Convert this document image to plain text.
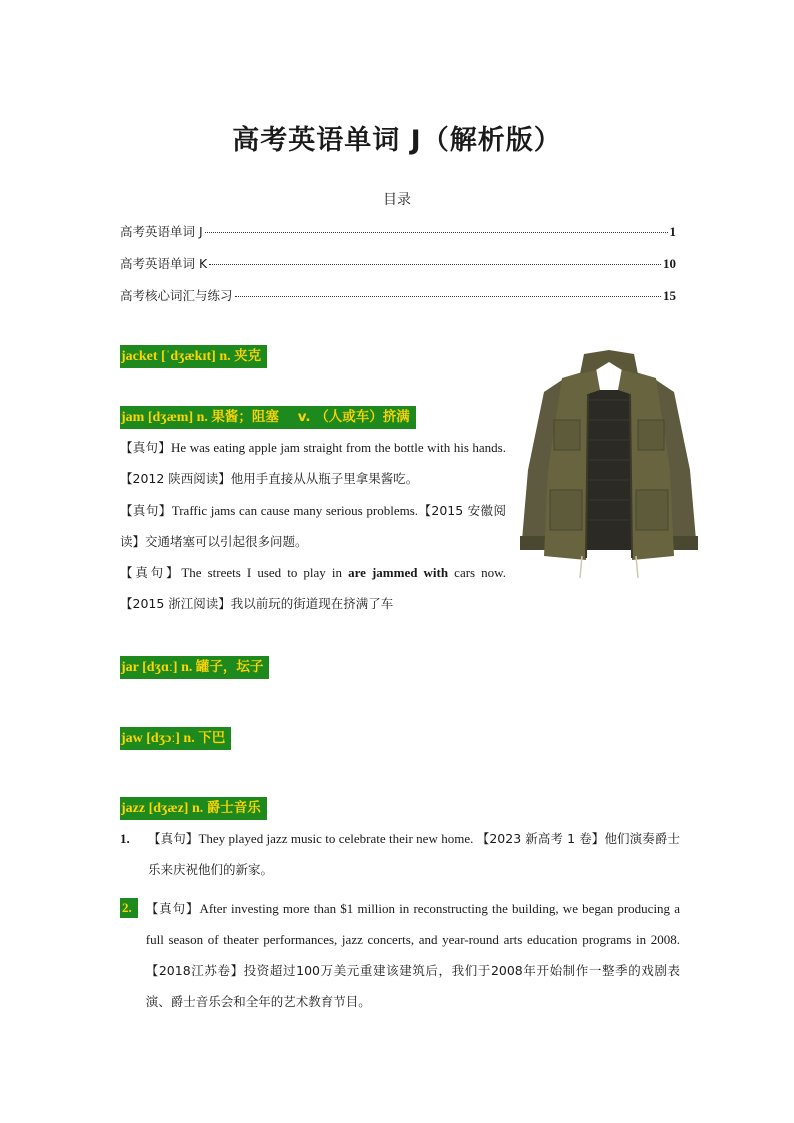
高考英语单词 J（解析版）
目录
高考英语单词 J	1
高考英语单词 K	10
高考核心词汇与练习	15
jacket [ˈdʒækɪt] n. 夹克
jam [dʒæm] n. 果酱；阻塞    v. （人或车）挤满
【真句】He was eating apple jam straight from the bottle with his hands.【2012 陕西阅读】他用手直接从从瓶子里拿果酱吃。
【真句】Traffic jams can cause many serious problems.【2015 安徽阅读】交通堵塞可以引起很多问题。
【真句】The streets I used to play in are jammed with cars now.【2015 浙江阅读】我以前玩的街道现在挤满了车
jar [dʒɑː] n. 罐子，坛子
jaw [dʒɔː] n. 下巴
jazz [dʒæz] n. 爵士音乐
1.	【真句】They played jazz music to celebrate their new home. 【2023 新高考 1 卷】他们演奏爵士乐来庆祝他们的新家。
2.	【真句】After investing more than $1 million in reconstructing the building, we began producing a full season of theater performances, jazz concerts, and year-round arts education programs in 2008. 【2018江苏卷】投资超过100万美元重建该建筑后，我们于2008年开始制作一整季的戏剧表演、爵士音乐会和全年的艺术教育节目。
